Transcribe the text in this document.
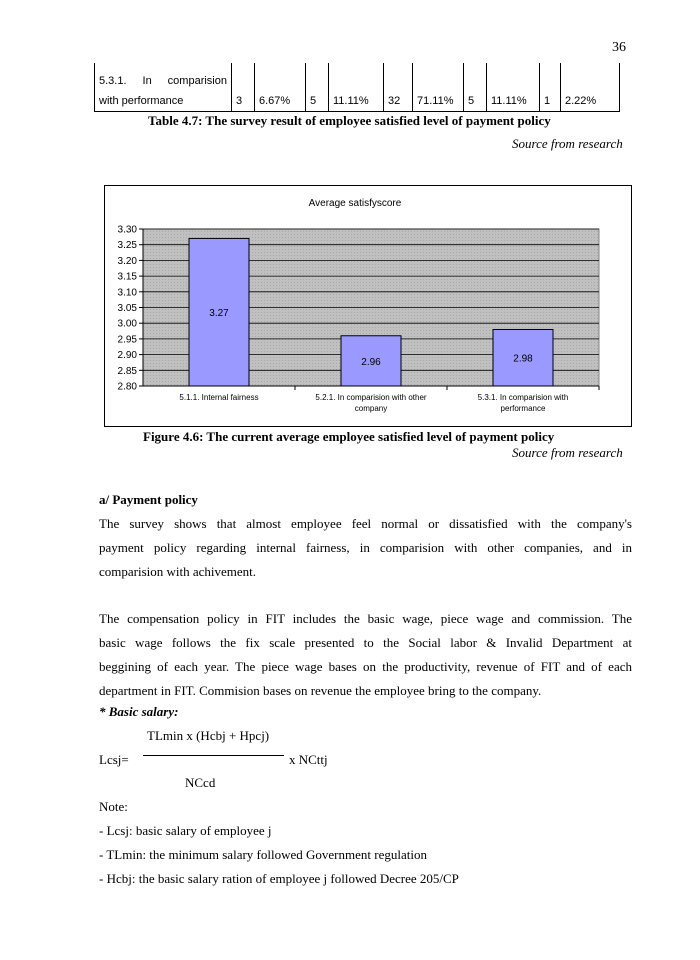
36
5.3.1. In comparision
with performance	3	6.67%	5	11.11%	32	71.11%	5	11.11%	1	2.22%
Table 4.7: The survey result of employee satisfied level of payment policy
Source from research
Average satisfyscore
3.27
2.96	2.98
3.30
3.25
3.20
3.15
3.10
3.05
3.00
2.95
2.90
2.85
2.80
5.1.1. Internal fairness	5.2.1. In comparision with other
company
5.3.1. In comparision with
performance
Figure 4.6: The current average employee satisfied level of payment policy
Source from research
a/ Payment policy
The survey shows that almost employee feel normal or dissatisfied with the company's
payment policy regarding internal fairness, in comparision with other companies, and in
comparision with achivement.
The compensation policy in FIT includes the basic wage, piece wage and commission. The
basic wage follows the fix scale presented to the Social labor & Invalid Department at
beggining of each year. The piece wage bases on the productivity, revenue of FIT and of each
department in FIT. Commision bases on revenue the employee bring to the company.
* Basic salary:
TLmin x (Hcbj + Hpcj)
Lcsj=	x NCttj
NCcd
Note:
- Lcsj: basic salary of employee j
- TLmin: the minimum salary followed Government regulation
- Hcbj: the basic salary ration of employee j followed Decree 205/CP
